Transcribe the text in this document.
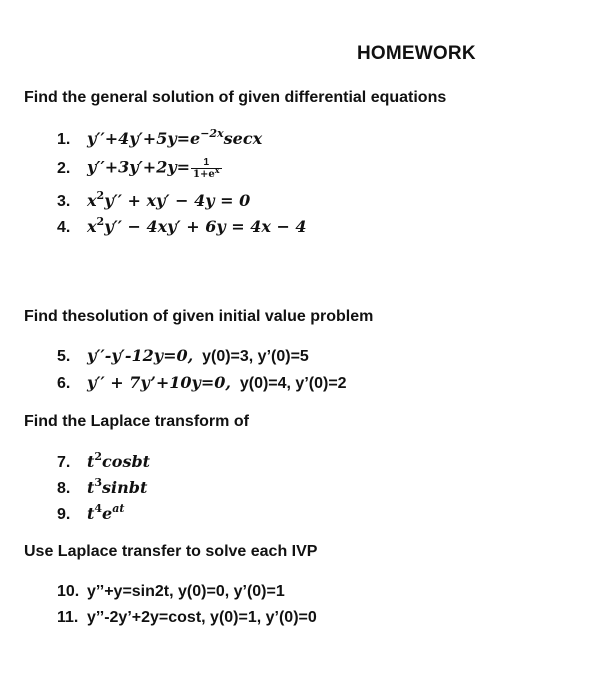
HOMEWORK
Find the general solution of given differential equations
1. $y''+4y'+5y=e^{-2x}\sec x$
2. $y''+3y'+2y= \frac{1}{1+e^x}$
3. $x^2y'' + xy' - 4y = 0$
4. $x^2y'' - 4xy' + 6y = 4x - 4$
Find thesolution of given initial value problem
5. y′′-y′-12y=0, y(0)=3, y’(0)=5
6. y′′ + 7y’+10y=0, y(0)=4, y’(0)=2
Find the Laplace transform of
7. $t^2cosbt$
8. $t^3sinbt$
9. $t^4e^{at}$
Use Laplace transfer to solve each IVP
10. y’’+y=sin2t, y(0)=0, y’(0)=1
11. y’’-2y’+2y=cost, y(0)=1, y’(0)=0
